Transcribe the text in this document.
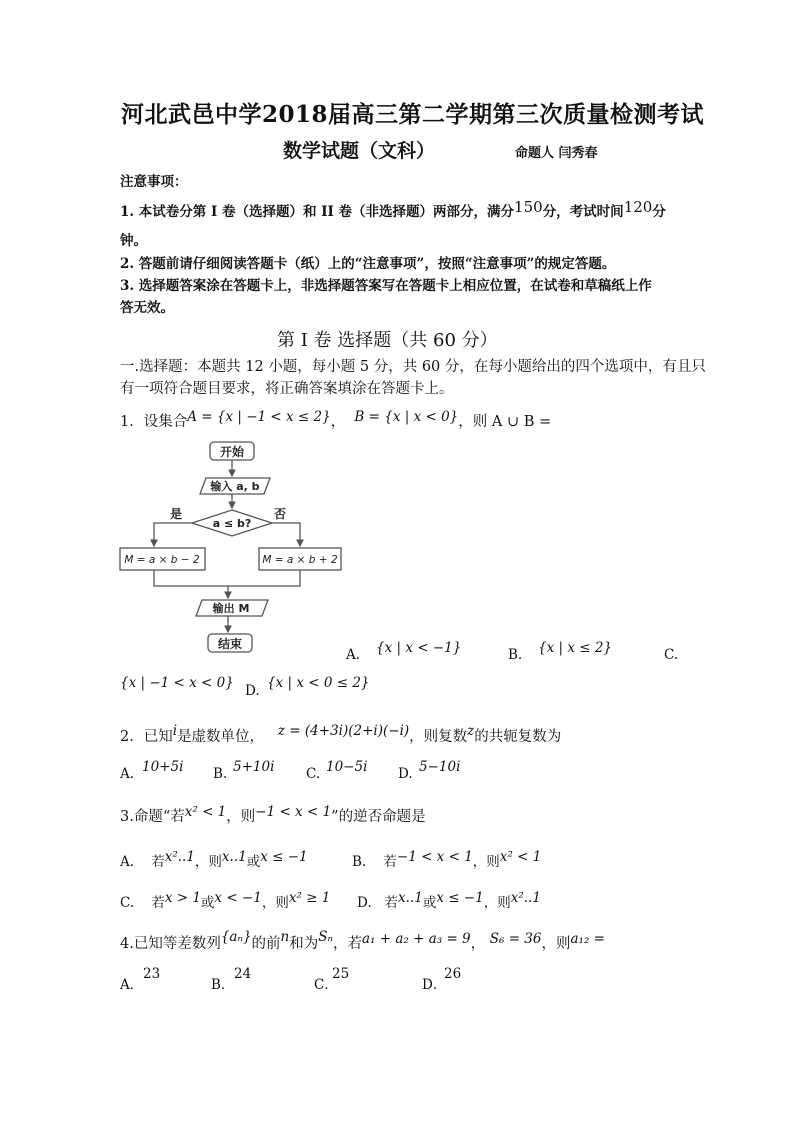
河北武邑中学2018届高三第二学期第三次质量检测考试
数学试题（文科）	命题人 闫秀春
注意事项：
1. 本试卷分第 I 卷（选择题）和 II 卷（非选择题）两部分，满分150分，考试时间120分
钟。
2. 答题前请仔细阅读答题卡（纸）上的“注意事项”，按照“注意事项”的规定答题。
3. 选择题答案涂在答题卡上，非选择题答案写在答题卡上相应位置，在试卷和草稿纸上作
答无效。
第 I 卷 选择题（共 60 分）
一.选择题：本题共 12 小题，每小题 5 分，共 60 分，在每小题给出的四个选项中，有且只
有一项符合题目要求，将正确答案填涂在答题卡上。
1．设集合A = {x | −1 < x ≤ 2}， B = {x | x < 0}，则 A ∪ B =
开始
输入 a, b
a ≤ b?
是	否
M = a × b − 2	M = a × b + 2
输出 M
结束
A. {x | x < −1}	B. {x | x ≤ 2}	C.
{x | −1 < x < 0} D. {x | x < 0 ≤ 2}
2．已知i是虚数单位， z = (4+3i)(2+i)(−i)，则复数z的共轭复数为
A. 10+5i B. 5+10i C. 10−5i D. 5−10i
3.命题“若x² < 1，则−1 < x < 1”的逆否命题是
A. 若x²..1，则x..1或x ≤ −1	B. 若−1 < x < 1，则x² < 1
C. 若x > 1或x < −1，则x² ≥ 1 D. 若x..1或x ≤ −1，则x²..1
4.已知等差数列{aₙ}的前n和为Sₙ，若a₁ + a₂ + a₃ = 9， S₆ = 36，则a₁₂ =
A．
23
B．
24
C．
25
D．
26
